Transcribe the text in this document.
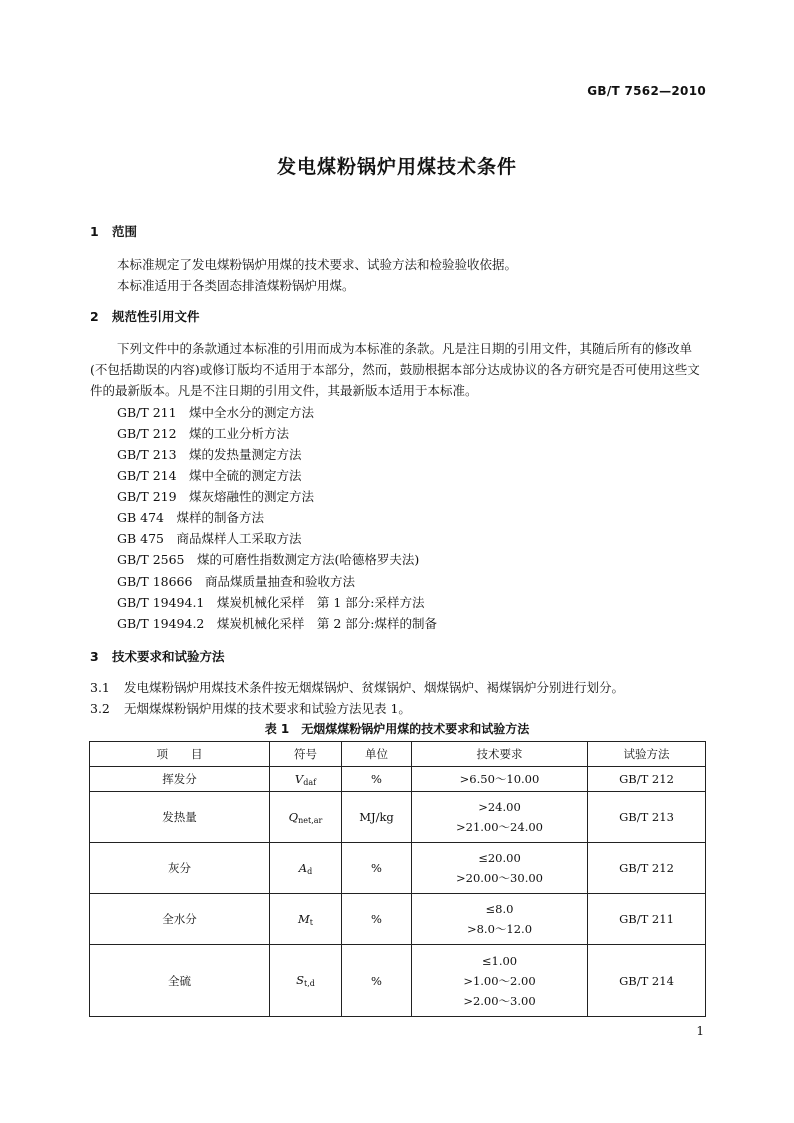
GB/T 7562—2010
发电煤粉锅炉用煤技术条件
1 范围
本标准规定了发电煤粉锅炉用煤的技术要求、试验方法和检验验收依据。
本标准适用于各类固态排渣煤粉锅炉用煤。
2 规范性引用文件
下列文件中的条款通过本标准的引用而成为本标准的条款。凡是注日期的引用文件，其随后所有的修改单(不包括勘误的内容)或修订版均不适用于本部分，然而，鼓励根据本部分达成协议的各方研究是否可使用这些文件的最新版本。凡是不注日期的引用文件，其最新版本适用于本标准。
GB/T 211　煤中全水分的测定方法
GB/T 212　煤的工业分析方法
GB/T 213　煤的发热量测定方法
GB/T 214　煤中全硫的测定方法
GB/T 219　煤灰熔融性的测定方法
GB 474　煤样的制备方法
GB 475　商品煤样人工采取方法
GB/T 2565　煤的可磨性指数测定方法(哈德格罗夫法)
GB/T 18666　商品煤质量抽查和验收方法
GB/T 19494.1　煤炭机械化采样　第 1 部分:采样方法
GB/T 19494.2　煤炭机械化采样　第 2 部分:煤样的制备
3 技术要求和试验方法
3.1 发电煤粉锅炉用煤技术条件按无烟煤锅炉、贫煤锅炉、烟煤锅炉、褐煤锅炉分别进行划分。
3.2 无烟煤煤粉锅炉用煤的技术要求和试验方法见表 1。
表 1　无烟煤煤粉锅炉用煤的技术要求和试验方法
项　　目	符号	单位	技术要求	试验方法
挥发分	$V_{daf}$	%	>6.50～10.00	GB/T 212
发热量	$Q_{net,ar}$	MJ/kg	>24.00
>21.00～24.00	GB/T 213
灰分	$A_d$	%	≤20.00
>20.00～30.00	GB/T 212
全水分	$M_t$	%	≤8.0
>8.0～12.0	GB/T 211
全硫	$S_{t,d}$	%	≤1.00
>1.00～2.00
>2.00～3.00	GB/T 214
1
